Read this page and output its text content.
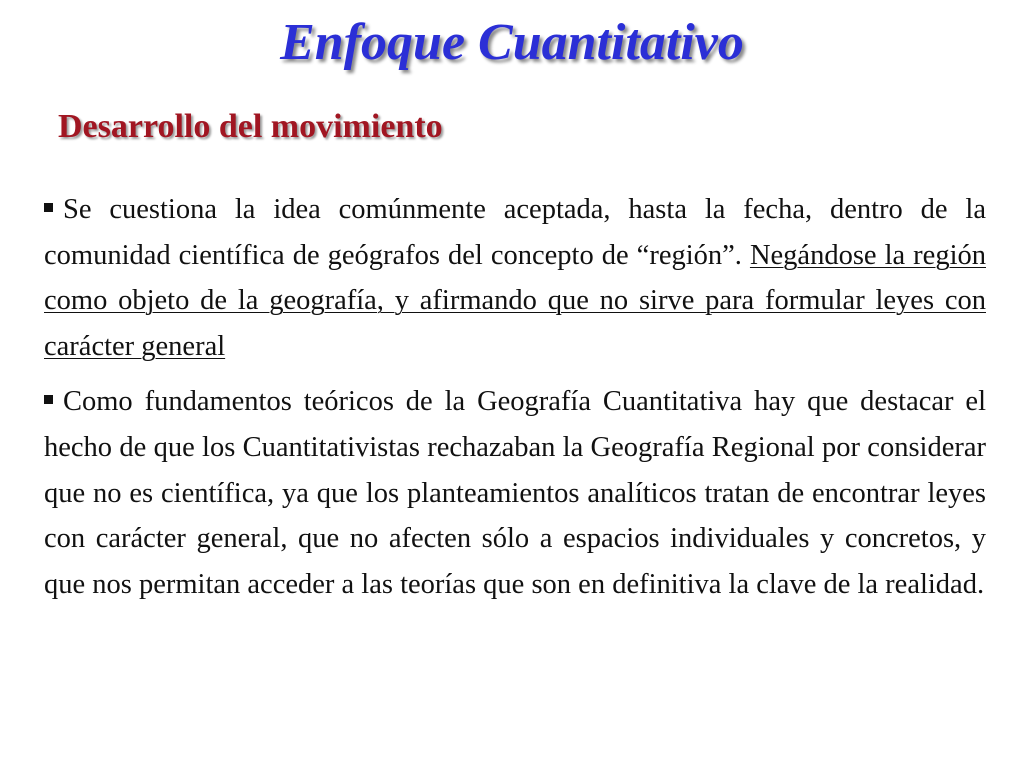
Enfoque Cuantitativo
Desarrollo del movimiento

Se cuestiona la idea comúnmente aceptada, hasta la fecha, dentro de la comunidad científica de geógrafos del concepto de “región”. Negándose la región como objeto de la geografía, y afirmando que no sirve para formular leyes con carácter general

Como fundamentos teóricos de la Geografía Cuantitativa hay que destacar el hecho de que los Cuantitativistas rechazaban la Geografía Regional por considerar que no es científica, ya que los planteamientos analíticos tratan de encontrar leyes con carácter general, que no afecten sólo a espacios individuales y concretos, y que nos permitan acceder a las teorías que son en definitiva la clave de la realidad.
